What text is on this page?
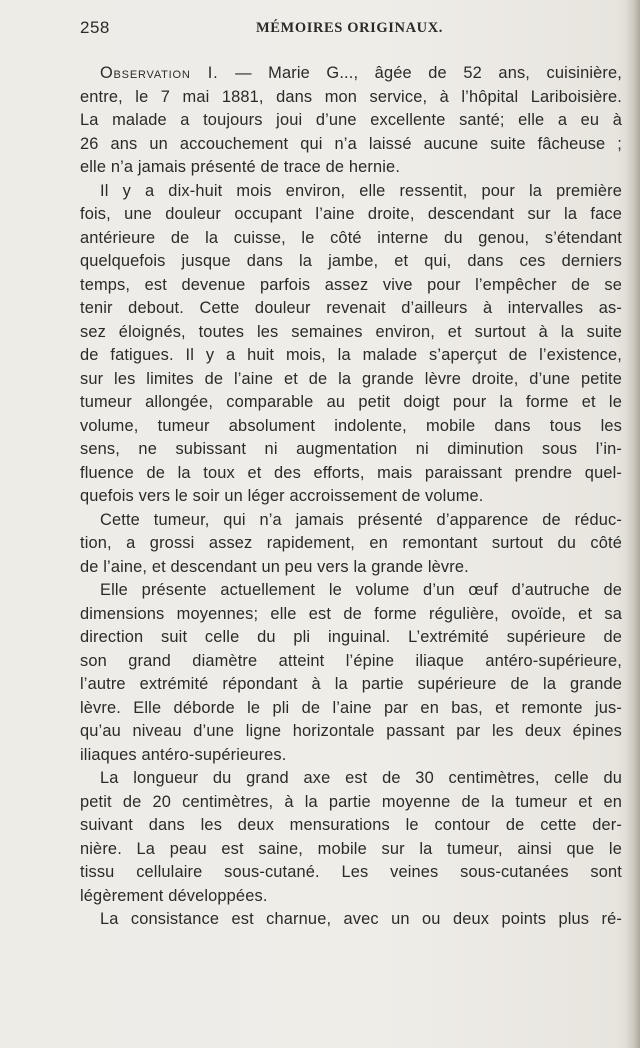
258	MÉMOIRES ORIGINAUX.
Observation I. — Marie G..., âgée de 52 ans, cuisinière,
entre, le 7 mai 1881, dans mon service, à l’hôpital Lariboisière.
La malade a toujours joui d’une excellente santé; elle a eu à
26 ans un accouchement qui n’a laissé aucune suite fâcheuse ;
elle n’a jamais présenté de trace de hernie.
Il y a dix-huit mois environ, elle ressentit, pour la première
fois, une douleur occupant l’aine droite, descendant sur la face
antérieure de la cuisse, le côté interne du genou, s’étendant
quelquefois jusque dans la jambe, et qui, dans ces derniers
temps, est devenue parfois assez vive pour l’empêcher de se
tenir debout. Cette douleur revenait d’ailleurs à intervalles as-
sez éloignés, toutes les semaines environ, et surtout à la suite
de fatigues. Il y a huit mois, la malade s’aperçut de l’existence,
sur les limites de l’aine et de la grande lèvre droite, d’une petite
tumeur allongée, comparable au petit doigt pour la forme et le
volume, tumeur absolument indolente, mobile dans tous les
sens, ne subissant ni augmentation ni diminution sous l’in-
fluence de la toux et des efforts, mais paraissant prendre quel-
quefois vers le soir un léger accroissement de volume.
Cette tumeur, qui n’a jamais présenté d’apparence de réduc-
tion, a grossi assez rapidement, en remontant surtout du côté
de l’aine, et descendant un peu vers la grande lèvre.
Elle présente actuellement le volume d’un œuf d’autruche de
dimensions moyennes; elle est de forme régulière, ovoïde, et sa
direction suit celle du pli inguinal. L’extrémité supérieure de
son grand diamètre atteint l’épine iliaque antéro-supérieure,
l’autre extrémité répondant à la partie supérieure de la grande
lèvre. Elle déborde le pli de l’aine par en bas, et remonte jus-
qu’au niveau d’une ligne horizontale passant par les deux épines
iliaques antéro-supérieures.
La longueur du grand axe est de 30 centimètres, celle du
petit de 20 centimètres, à la partie moyenne de la tumeur et en
suivant dans les deux mensurations le contour de cette der-
nière. La peau est saine, mobile sur la tumeur, ainsi que le
tissu cellulaire sous-cutané. Les veines sous-cutanées sont
légèrement développées.
La consistance est charnue, avec un ou deux points plus ré-
